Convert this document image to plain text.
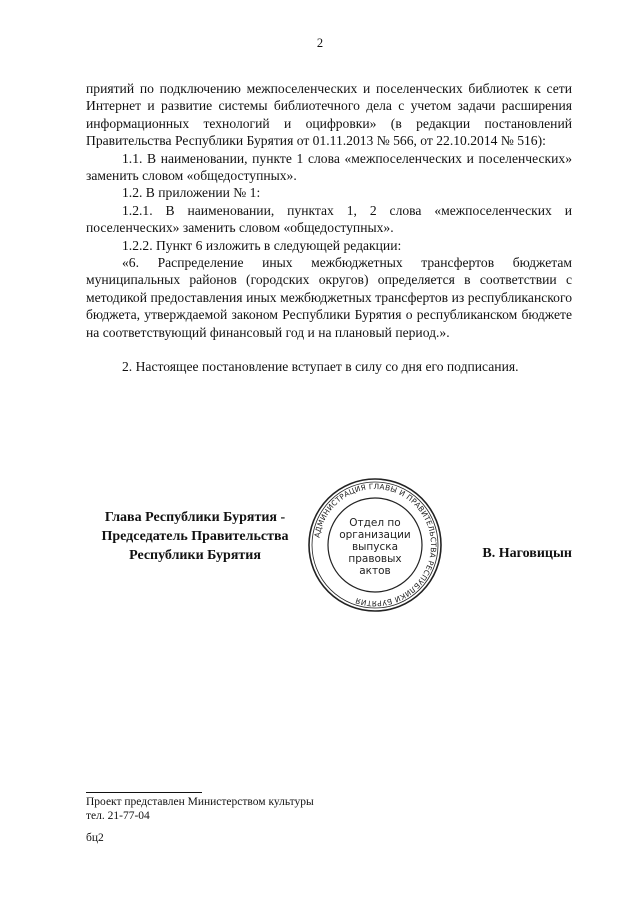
2

приятий по подключению межпоселенческих и поселенческих библиотек к сети Интернет и развитие системы библиотечного дела с учетом задачи расширения информационных технологий и оцифровки» (в редакции постановлений Правительства Республики Бурятия от 01.11.2013 № 566, от 22.10.2014 № 516):

1.1. В наименовании, пункте 1 слова «межпоселенческих и поселенческих» заменить словом «общедоступных».

1.2. В приложении № 1:

1.2.1. В наименовании, пунктах 1, 2 слова «межпоселенческих и поселенческих» заменить словом «общедоступных».

1.2.2. Пункт 6 изложить в следующей редакции:

«6. Распределение иных межбюджетных трансфертов бюджетам муниципальных районов (городских округов) определяется в соответствии с методикой предоставления иных межбюджетных трансфертов из республиканского бюджета, утверждаемой законом Республики Бурятия о республиканском бюджете на соответствующий финансовый год и на плановый период.».

2. Настоящее постановление вступает в силу со дня его подписания.

Глава Республики Бурятия -
Председатель Правительства
Республики Бурятия
АДМИНИСТРАЦИЯ ГЛАВЫ И ПРАВИТЕЛЬСТВА РЕСПУБЛИКИ БУРЯТИЯ
Отдел по
организации
выпуска
правовых
актов
В. Наговицын
Проект представлен Министерством культуры
тел. 21-77-04
бц2
